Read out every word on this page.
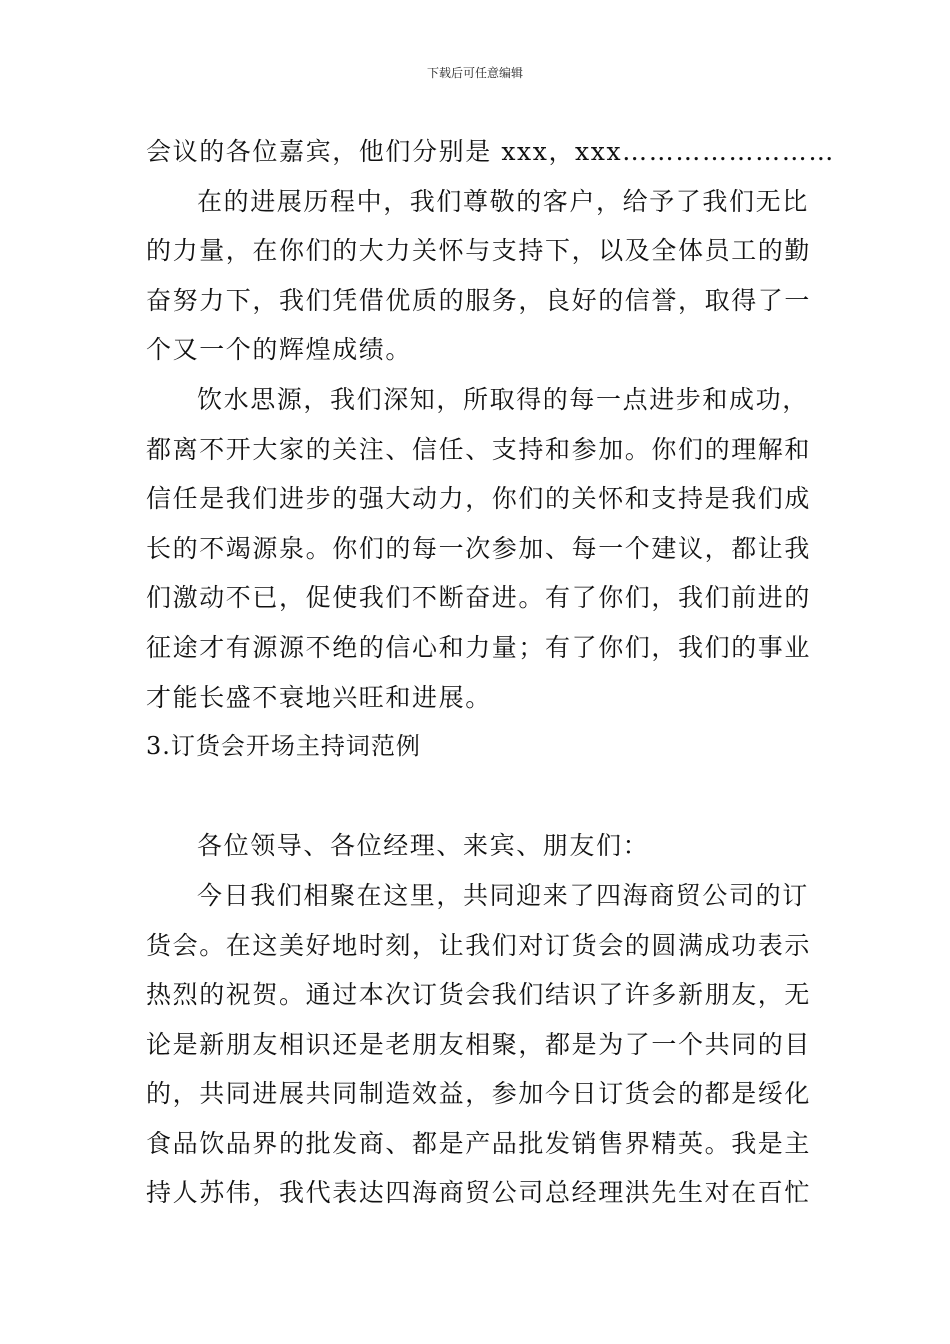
下载后可任意编辑
会议的各位嘉宾，他们分别是 xxx，xxx……………………
在的进展历程中，我们尊敬的客户，给予了我们无比
的力量，在你们的大力关怀与支持下，以及全体员工的勤
奋努力下，我们凭借优质的服务，良好的信誉，取得了一
个又一个的辉煌成绩。
饮水思源，我们深知，所取得的每一点进步和成功，
都离不开大家的关注、信任、支持和参加。你们的理解和
信任是我们进步的强大动力，你们的关怀和支持是我们成
长的不竭源泉。你们的每一次参加、每一个建议，都让我
们激动不已，促使我们不断奋进。有了你们，我们前进的
征途才有源源不绝的信心和力量；有了你们，我们的事业
才能长盛不衰地兴旺和进展。
3.订货会开场主持词范例
各位领导、各位经理、来宾、朋友们：
今日我们相聚在这里，共同迎来了四海商贸公司的订
货会。在这美好地时刻，让我们对订货会的圆满成功表示
热烈的祝贺。通过本次订货会我们结识了许多新朋友，无
论是新朋友相识还是老朋友相聚，都是为了一个共同的目
的，共同进展共同制造效益，参加今日订货会的都是绥化
食品饮品界的批发商、都是产品批发销售界精英。我是主
持人苏伟，我代表达四海商贸公司总经理洪先生对在百忙
